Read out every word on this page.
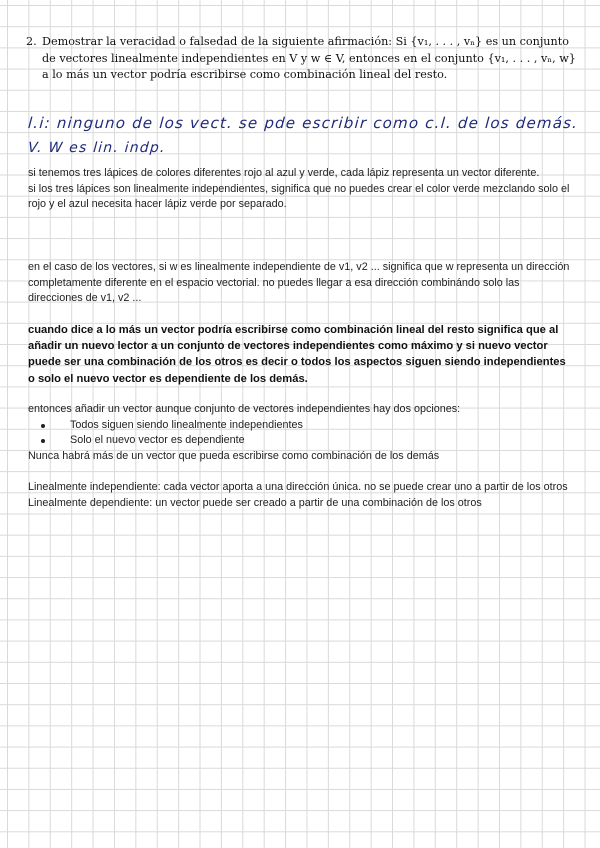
2. Demostrar la veracidad o falsedad de la siguiente afirmación: Si {v₁, . . . , vₙ} es un conjunto
de vectores linealmente independientes en V y w ∈ V, entonces en el conjunto {v₁, . . . , vₙ, w}
a lo más un vector podría escribirse como combinación lineal del resto.
l.i: ninguno de los vect. se pde escribir como c.l. de los demás.
V. W es lin. indp.

si tenemos tres lápices de colores diferentes rojo al azul y verde, cada lápiz representa un vector diferente.

si los tres lápices son linealmente independientes, significa que no puedes crear el color verde mezclando solo el rojo y el azul necesita hacer lápiz verde por separado.

en el caso de los vectores, si w es linealmente independiente de v1, v2 ... significa que w representa un dirección completamente diferente en el espacio vectorial. no puedes llegar a esa dirección combinándo solo las direcciones de v1, v2 ...

cuando dice a lo más un vector podría escribirse como combinación lineal del resto significa que al añadir un nuevo lector a un conjunto de vectores independientes como máximo y si nuevo vector puede ser una combinación de los otros es decir o todos los aspectos siguen siendo independientes o solo el nuevo vector es dependiente de los demás.

entonces añadir un vector aunque conjunto de vectores independientes hay dos opciones:

Todos siguen siendo linealmente independientes
Solo el nuevo vector es dependiente

Nunca habrá más de un vector que pueda escribirse como combinación de los demás

Linealmente independiente: cada vector aporta a una dirección única. no se puede crear uno a partir de los otros

Linealmente dependiente: un vector puede ser creado a partir de una combinación de los otros
